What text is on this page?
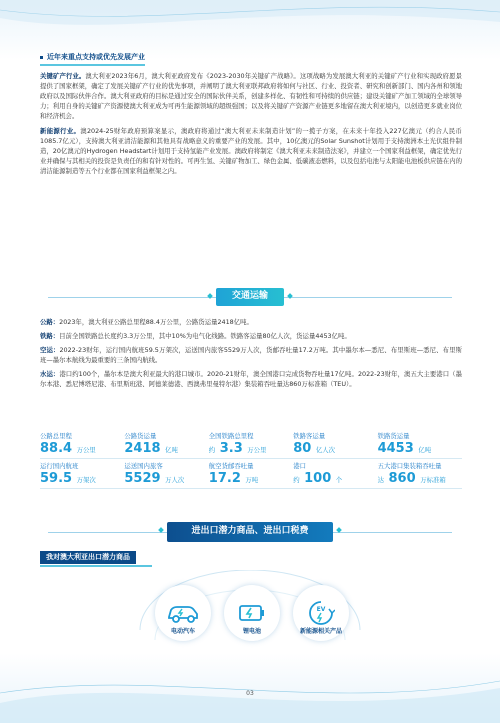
近年来重点支持或优先发展产业

关键矿产行业。澳大利亚2023年6月，澳大利亚政府发布《2023-2030年关键矿产战略》。这项战略为发展澳大利亚的关键矿产行业和实现政府愿景提供了国家框架，确定了发展关键矿产行业的优先事项，并阐明了澳大利亚联邦政府将如何与社区、行业、投资者、研究和创新部门、国内各州和领地政府以及国际伙伴合作。澳大利亚政府的目标是通过安全的国际伙伴关系，创建多样化、有韧性和可持续的供应链；建设关键矿产加工领域的全球领导力；利用自身的关键矿产资源使澳大利亚成为可再生能源领域的超级强国；以及将关键矿产资源产业链更多地留在澳大利亚境内，以创造更多就业岗位和经济机会。

新能源行业。澳2024-25财年政府预算案显示，澳政府将通过“澳大利亚未来制造计划”的一揽子方案，在未来十年投入227亿澳元（约合人民币1085.7亿元），支持澳大利亚清洁能源和其他具有战略意义的重要产业的发展。其中，10亿澳元的Solar Sunshot计划用于支持澳洲本土光伏组件制造，20亿澳元的Hydrogen Headstart计划用于支持氢能产业发展。澳政府将制定《澳大利亚未来制造法案》，并建立一个国家利益框架，确定优先行业并确保与其相关的投资是负责任的和有针对性的。可再生氢、关键矿物加工、绿色金属、低碳液态燃料，以及包括电池与太阳能电池板供应链在内的清洁能源制造等五个行业都在国家利益框架之内。

交通运输

公路：2023年，澳大利亚公路总里程88.4万公里，公路货运量2418亿吨。

铁路：目前全国铁路总长度约3.3万公里，其中10%为电气化线路。铁路客运量80亿人次，货运量4453亿吨。

空运：2022-23财年，运行国内航班59.5万架次，运送国内旅客5529万人次，货邮吞吐量17.2万吨。其中墨尔本—悉尼、布里斯班—悉尼、布里斯班—墨尔本航线为最重要的三条国内航线。

水运：港口约100个，墨尔本是澳大利亚最大的港口城市。2020-21财年，澳全国港口完成货物吞吐量17亿吨。2022-23财年，澳五大主要港口（墨尔本港、悉尼博塔尼港、布里斯班港、阿德莱德港、西澳弗里曼特尔港）集装箱吞吐量达860万标准箱（TEU）。

公路总里程
88.4 万公里
公路货运量
2418 亿吨
全国铁路总里程
约 3.3 万公里
铁路客运量
80 亿人次
铁路货运量
4453 亿吨
运行国内航班
59.5 万架次
运送国内旅客
5529 万人次
航空货邮吞吐量
17.2 万吨
港口
约 100 个
五大港口集装箱吞吐量
达 860 万标准箱
进出口潜力商品、进出口税费
我对澳大利亚出口潜力商品
电动汽车	锂电池
EV
新能源相关产品
03
